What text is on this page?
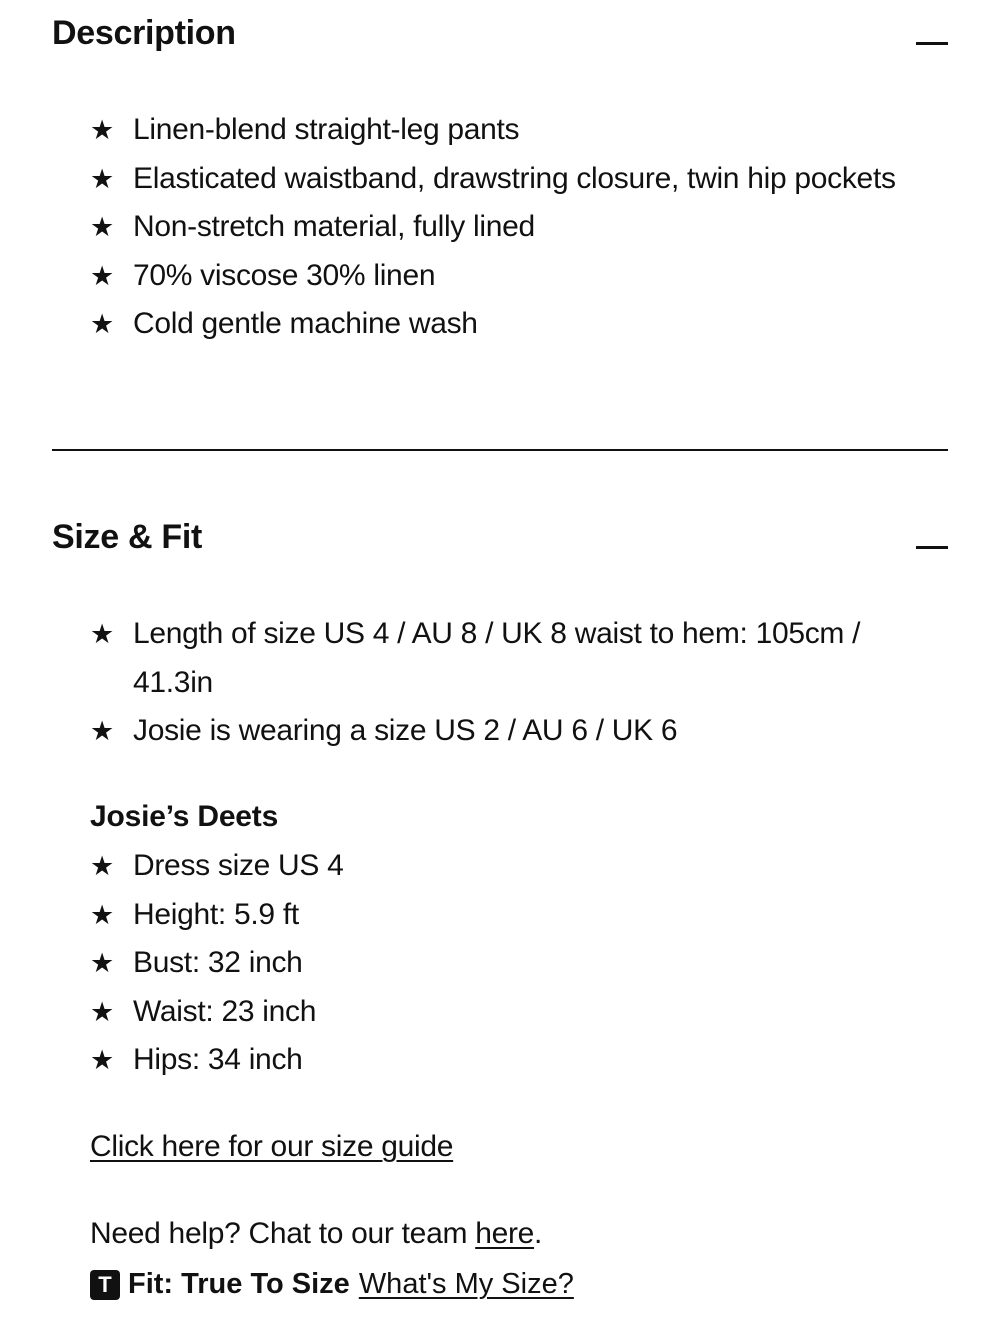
Description
★ Linen-blend straight-leg pants
★ Elasticated waistband, drawstring closure, twin hip pockets
★ Non-stretch material, fully lined
★ 70% viscose 30% linen
★ Cold gentle machine wash
Size & Fit
★ Length of size US 4 / AU 8 / UK 8 waist to hem: 105cm / 41.3in
★ Josie is wearing a size US 2 / AU 6 / UK 6
Josie’s Deets
★ Dress size US 4
★ Height: 5.9 ft
★ Bust: 32 inch
★ Waist: 23 inch
★ Hips: 34 inch
Click here for our size guide
Need help? Chat to our team here.
T Fit: True To Size What's My Size?
